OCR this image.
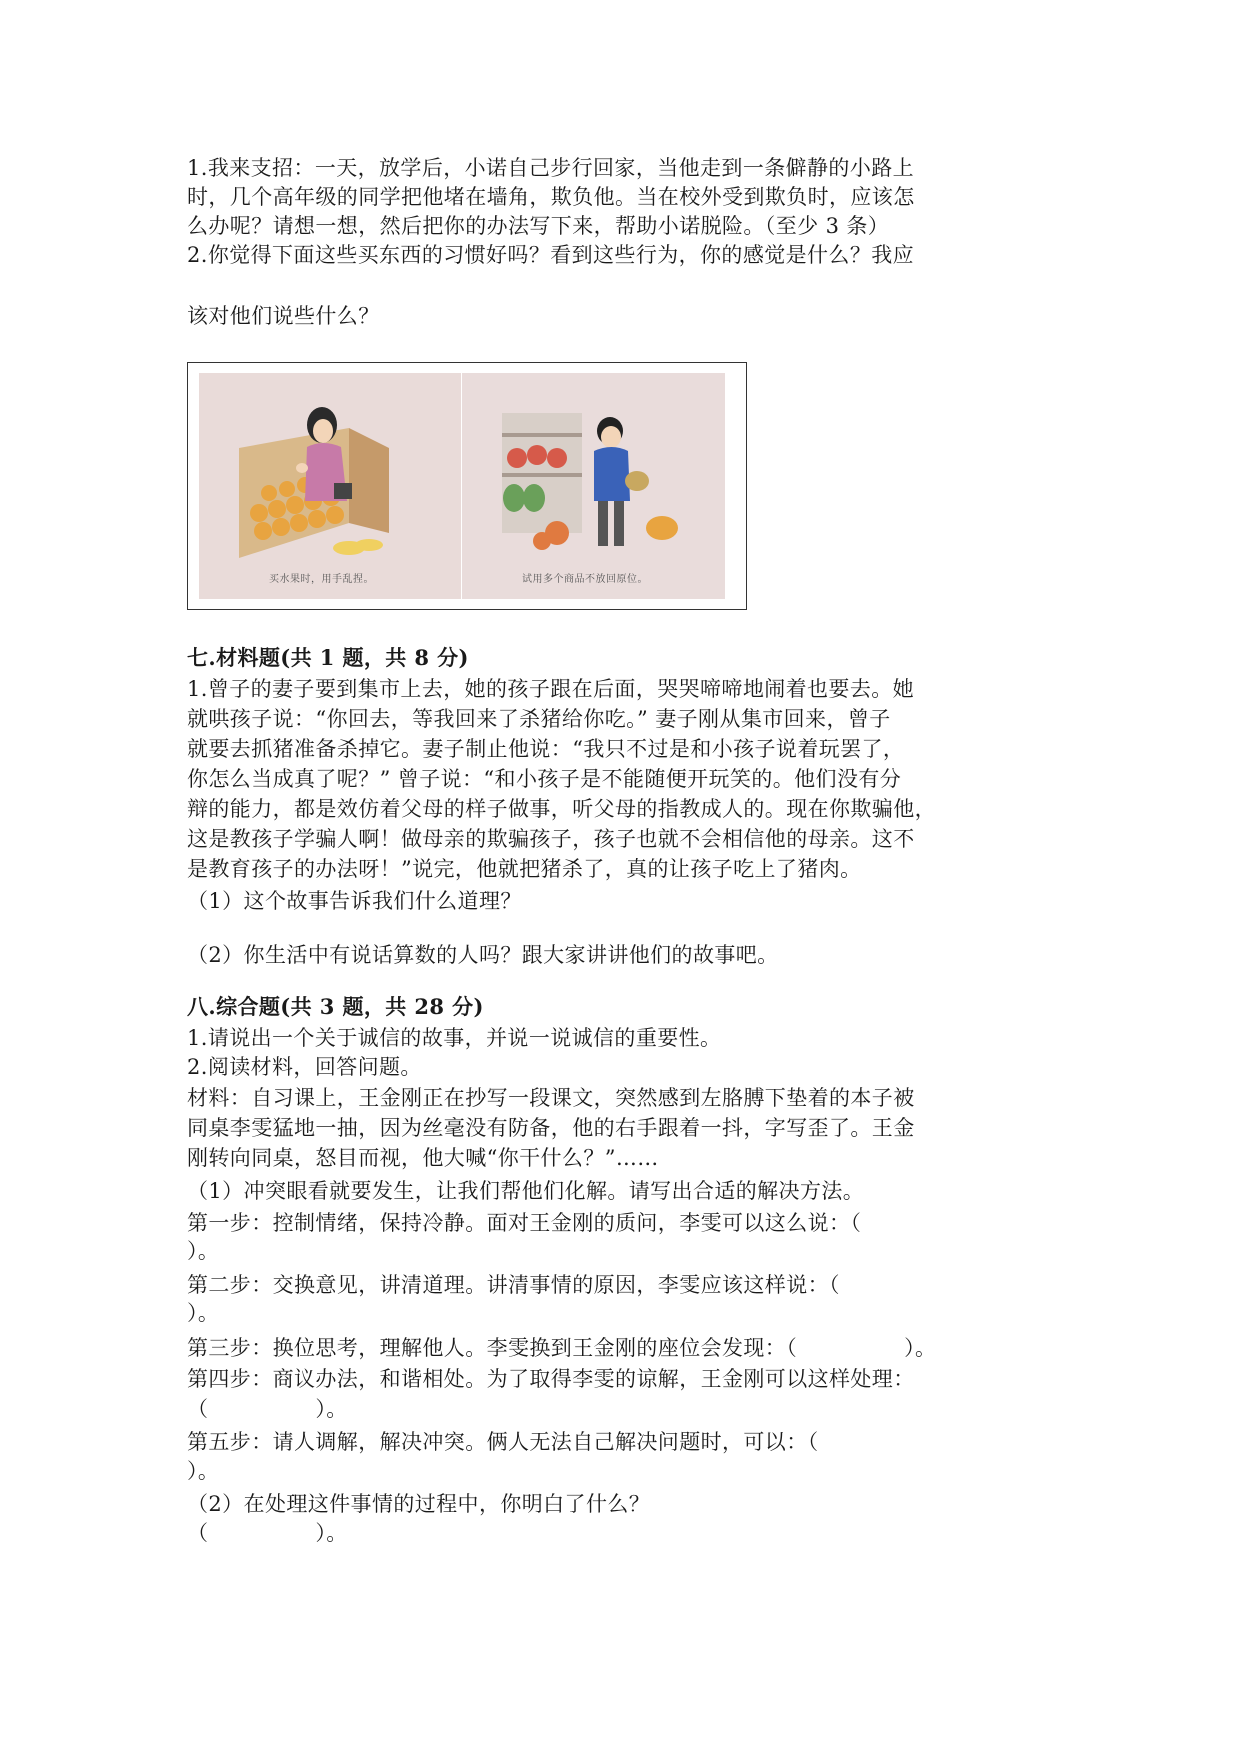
1.我来支招：一天，放学后，小诺自己步行回家，当他走到一条僻静的小路上
时，几个高年级的同学把他堵在墙角，欺负他。当在校外受到欺负时，应该怎
么办呢？请想一想，然后把你的办法写下来，帮助小诺脱险。（至少 3 条）
2.你觉得下面这些买东西的习惯好吗？看到这些行为，你的感觉是什么？我应
该对他们说些什么？
买水果时，用手乱捏。	试用多个商品不放回原位。
七.材料题(共 1 题，共 8 分)
1.曾子的妻子要到集市上去，她的孩子跟在后面，哭哭啼啼地闹着也要去。她
就哄孩子说：“你回去，等我回来了杀猪给你吃。” 妻子刚从集市回来，曾子
就要去抓猪准备杀掉它。妻子制止他说：“我只不过是和小孩子说着玩罢了，
你怎么当成真了呢？” 曾子说：“和小孩子是不能随便开玩笑的。他们没有分
辩的能力，都是效仿着父母的样子做事，听父母的指教成人的。现在你欺骗他，
这是教孩子学骗人啊！做母亲的欺骗孩子，孩子也就不会相信他的母亲。这不
是教育孩子的办法呀！”说完，他就把猪杀了，真的让孩子吃上了猪肉。
（1）这个故事告诉我们什么道理？
（2）你生活中有说话算数的人吗？跟大家讲讲他们的故事吧。
八.综合题(共 3 题，共 28 分)
1.请说出一个关于诚信的故事，并说一说诚信的重要性。
2.阅读材料，回答问题。
材料：自习课上，王金刚正在抄写一段课文，突然感到左胳膊下垫着的本子被
同桌李雯猛地一抽，因为丝毫没有防备，他的右手跟着一抖，字写歪了。王金
刚转向同桌，怒目而视，他大喊“你干什么？”……
（1）冲突眼看就要发生，让我们帮他们化解。请写出合适的解决方法。
第一步：控制情绪，保持冷静。面对王金刚的质问，李雯可以这么说：（
）。
第二步：交换意见，讲清道理。讲清事情的原因，李雯应该这样说：（
）。
第三步：换位思考，理解他人。李雯换到王金刚的座位会发现：（　　　　　）。
第四步：商议办法，和谐相处。为了取得李雯的谅解，王金刚可以这样处理：
（　　　　　）。
第五步：请人调解，解决冲突。俩人无法自己解决问题时，可以：（
）。
（2）在处理这件事情的过程中，你明白了什么？
（　　　　　）。
